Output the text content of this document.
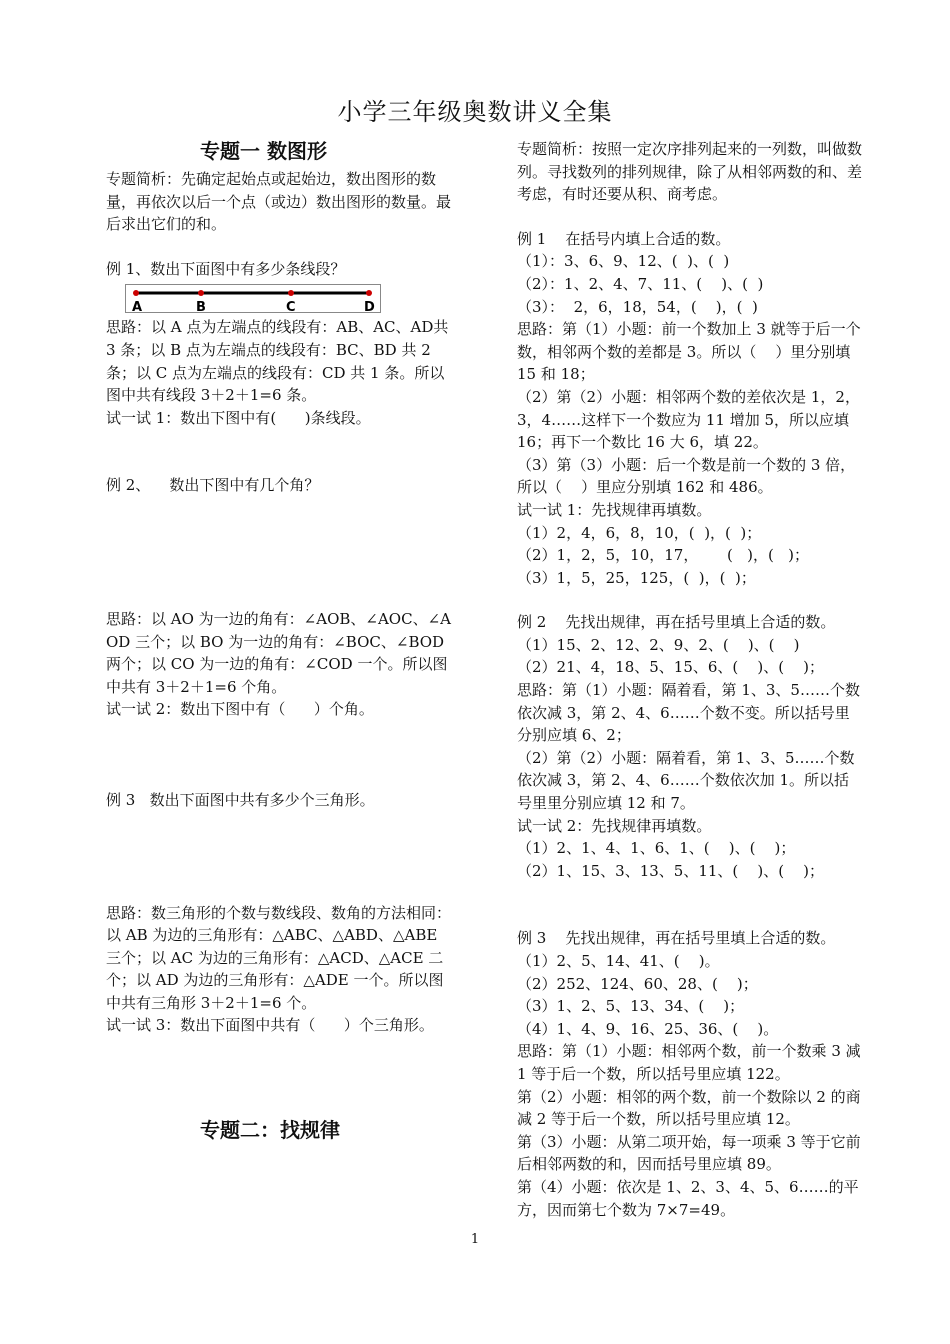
小学三年级奥数讲义全集
专题一 数图形

专题简析：先确定起始点或起始边，数出图形的数量，再依次以后一个点（或边）数出图形的数量。最后求出它们的和。

例 1、数出下面图中有多少条线段？

A	B	C	D

思路：以 A 点为左端点的线段有：AB、AC、AD共 3 条；以 B 点为左端点的线段有：BC、BD 共 2条；以 C 点为左端点的线段有：CD 共 1 条。所以图中共有线段 3＋2＋1=6 条。

试一试 1：数出下图中有(      )条线段。

例 2、    数出下图中有几个角？

思路：以 AO 为一边的角有：∠AOB、∠AOC、∠AOD 三个；以 BO 为一边的角有：∠BOC、∠BOD 两个；以 CO 为一边的角有：∠COD 一个。所以图中共有 3＋2＋1=6 个角。

试一试 2：数出下图中有（      ）个角。

例 3   数出下面图中共有多少个三角形。

思路：数三角形的个数与数线段、数角的方法相同：以 AB 为边的三角形有：△ABC、△ABD、△ABE 三个；以 AC 为边的三角形有：△ACD、△ACE 二个；以 AD 为边的三角形有：△ADE 一个。所以图中共有三角形 3＋2＋1=6 个。

试一试 3：数出下面图中共有（      ）个三角形。

专题二：找规律

专题简析：按照一定次序排列起来的一列数，叫做数列。寻找数列的排列规律，除了从相邻两数的和、差考虑，有时还要从积、商考虑。

例 1    在括号内填上合适的数。

（1）：3、6、9、12、(  )、(  )

（2）：1、2、4、7、11、(    )、(  )

（3）：  2，6，18，54，(    )，(  )

思路：第（1）小题：前一个数加上 3 就等于后一个数，相邻两个数的差都是 3。所以（    ）里分别填 15 和 18；

（2）第（2）小题：相邻两个数的差依次是 1，2，3，4……这样下一个数应为 11 增加 5，所以应填 16；再下一个数比 16 大 6，填 22。

（3）第（3）小题：后一个数是前一个数的 3 倍，所以（    ）里应分别填 162 和 486。

试一试 1：先找规律再填数。

（1）2，4，6，8，10，(  )，(  )；

（2）1，2，5，10，17，      (   )，(   )；

（3）1，5，25，125，(  )，(  )；

例 2    先找出规律，再在括号里填上合适的数。

（1）15、2、12、2、9、2、(    )、(    )

（2）21、4，18、5、15、6、(    )、(    )；

思路：第（1）小题：隔着看，第 1、3、5……个数依次减 3，第 2、4、6……个数不变。所以括号里分别应填 6、2；

（2）第（2）小题：隔着看，第 1、3、5……个数依次减 3，第 2、4、6……个数依次加 1。所以括号里里分别应填 12 和 7。

试一试 2：先找规律再填数。

（1）2、1、4、1、6、1、(    )、(    )；

（2）1、15、3、13、5、11、(    )、(    )；

例 3    先找出规律，再在括号里填上合适的数。

（1）2、5、14、41、(    )。

（2）252、124、60、28、(    )；

（3）1、2、5、13、34、(    )；

（4）1、4、9、16、25、36、(    )。

思路：第（1）小题：相邻两个数，前一个数乘 3 减 1 等于后一个数，所以括号里应填 122。

第（2）小题：相邻的两个数，前一个数除以 2 的商减 2 等于后一个数，所以括号里应填 12。

第（3）小题：从第二项开始，每一项乘 3 等于它前后相邻两数的和，因而括号里应填 89。

第（4）小题：依次是 1、2、3、4、5、6……的平方，因而第七个数为 7×7=49。

1
